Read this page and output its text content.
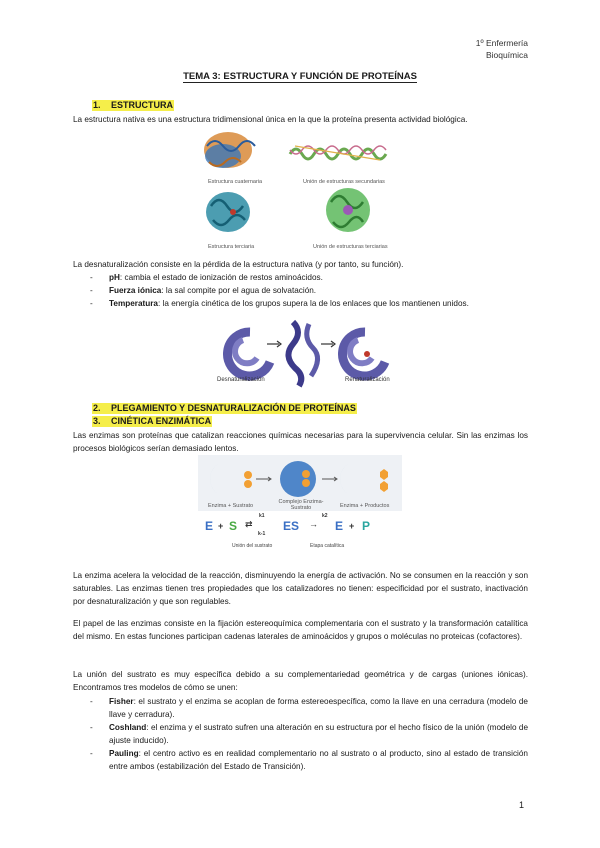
1º Enfermería
Bioquímica
TEMA 3: ESTRUCTURA Y FUNCIÓN DE PROTEÍNAS
1. ESTRUCTURA
La estructura nativa es una estructura tridimensional única en la que la proteína presenta actividad biológica.
Estructura cuaternaria	Unión de estructuras secundarias
Estructura terciaria	Unión de estructuras terciarias
La desnaturalización consiste en la pérdida de la estructura nativa (y por tanto, su función).
- pH: cambia el estado de ionización de restos aminoácidos.
- Fuerza iónica: la sal compite por el agua de solvatación.
- Temperatura: la energía cinética de los grupos supera la de los enlaces que los mantienen unidos.
Desnaturalización	Renaturalización
2. PLEGAMIENTO Y DESNATURALIZACIÓN DE PROTEÍNAS
3. CINÉTICA ENZIMÁTICA
Las enzimas son proteínas que catalizan reacciones químicas necesarias para la supervivencia celular. Sin las enzimas los procesos biológicos serían demasiado lentos.
Enzima + Sustrato
Complejo Enzima-Sustrato	Enzima + Productos
E + S
k1
⇄
k-1
ES
k2
→ E + P
Unión del sustrato	Etapa catalítica
La enzima acelera la velocidad de la reacción, disminuyendo la energía de activación. No se consumen en la reacción y son saturables. Las enzimas tienen tres propiedades que los catalizadores no tienen: especificidad por el sustrato, inactivación por desnaturalización y que son regulables.
El papel de las enzimas consiste en la fijación estereoquímica complementaria con el sustrato y la transformación catalítica del mismo. En estas funciones participan cadenas laterales de aminoácidos y grupos o moléculas no proteicas (cofactores).
La unión del sustrato es muy específica debido a su complementariedad geométrica y de cargas (uniones iónicas). Encontramos tres modelos de cómo se unen:
- Fisher: el sustrato y el enzima se acoplan de forma estereoespecífica, como la llave en una cerradura (modelo de llave y cerradura).
- Coshland: el enzima y el sustrato sufren una alteración en su estructura por el hecho físico de la unión (modelo de ajuste inducido).
- Pauling: el centro activo es en realidad complementario no al sustrato o al producto, sino al estado de transición entre ambos (estabilización del Estado de Transición).
1
